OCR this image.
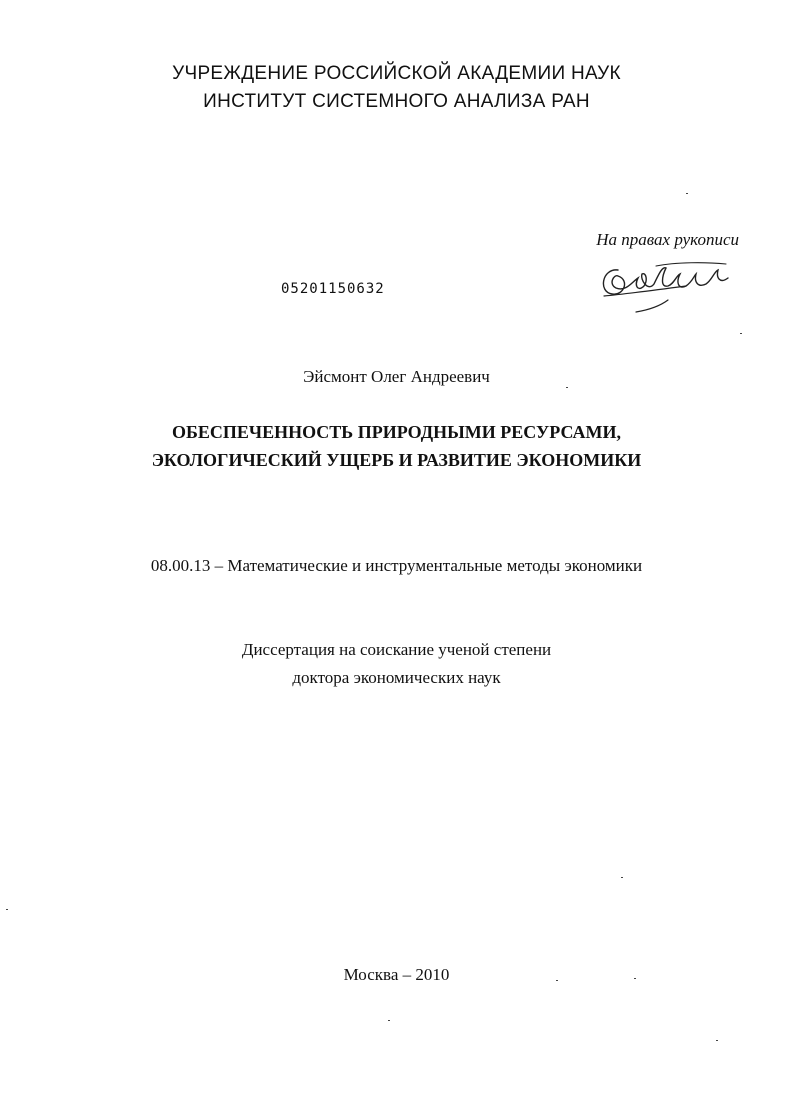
УЧРЕЖДЕНИЕ РОССИЙСКОЙ АКАДЕМИИ НАУК
ИНСТИТУТ СИСТЕМНОГО АНАЛИЗА РАН
На правах рукописи
05201150632
Эйсмонт Олег Андреевич
ОБЕСПЕЧЕННОСТЬ ПРИРОДНЫМИ РЕСУРСАМИ,
ЭКОЛОГИЧЕСКИЙ УЩЕРБ И РАЗВИТИЕ ЭКОНОМИКИ
08.00.13 – Математические и инструментальные методы экономики
Диссертация на соискание ученой степени
доктора экономических наук
Москва – 2010
